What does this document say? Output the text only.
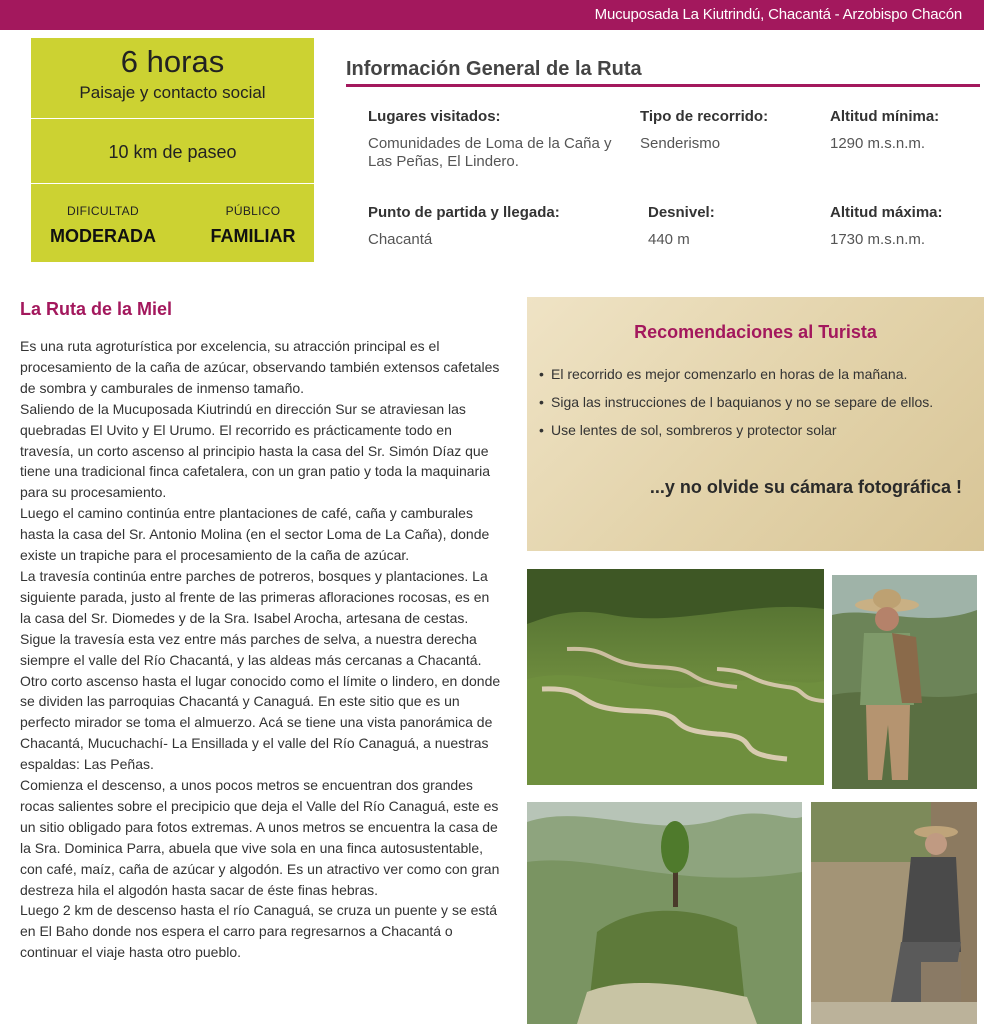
Mucuposada La Kiutrindú, Chacantá - Arzobispo Chacón
6 horas
Paisaje y contacto social
10 km de paseo
DIFICULTAD
MODERADA
PÚBLICO
FAMILIAR
Información General de la Ruta
Lugares visitados:
Comunidades de Loma de la Caña y Las Peñas, El Lindero.
Tipo de recorrido:
Senderismo
Altitud mínima:
1290 m.s.n.m.
Punto de partida y llegada:
Chacantá
Desnivel:
440 m
Altitud máxima:
1730 m.s.n.m.
La Ruta de la Miel

Es una ruta agroturística por excelencia, su atracción principal es el procesamiento de la caña de azúcar, observando también extensos cafetales de sombra y camburales de inmenso tamaño.

Saliendo de la Mucuposada Kiutrindú en dirección Sur se atraviesan las quebradas El Uvito y El Urumo. El recorrido es prácticamente todo en travesía, un corto ascenso al principio hasta la casa del Sr. Simón Díaz que tiene una tradicional finca cafetalera, con un gran patio y toda la maquinaria para su procesamiento.

Luego el camino continúa entre plantaciones de café, caña y camburales hasta la casa del Sr. Antonio Molina (en el sector Loma de La Caña), donde existe un trapiche para el procesamiento de la caña de azúcar.

La travesía continúa entre parches de potreros, bosques y plantaciones. La siguiente parada, justo al frente de las primeras afloraciones rocosas, es en la casa del Sr. Diomedes y de la Sra. Isabel Arocha, artesana de cestas.

Sigue la travesía esta vez entre más parches de selva, a nuestra derecha siempre el valle del Río Chacantá, y las aldeas más cercanas a Chacantá.

Otro corto ascenso hasta el lugar conocido como el límite o lindero, en donde se dividen las parroquias Chacantá y Canaguá. En este sitio que es un perfecto mirador se toma el almuerzo. Acá se tiene una vista panorámica de Chacantá, Mucuchachí- La Ensillada y el valle del Río Canaguá, a nuestras espaldas: Las Peñas.

Comienza el descenso, a unos pocos metros se encuentran dos grandes rocas salientes sobre el precipicio que deja el Valle del Río Canaguá, este es un sitio obligado para fotos extremas. A unos metros se encuentra la casa de la Sra. Dominica Parra, abuela que vive sola en una finca autosustentable, con café, maíz, caña de azúcar y algodón. Es un atractivo ver como con gran destreza hila el algodón hasta sacar de éste finas hebras.

Luego 2 km de descenso hasta el río Canaguá, se cruza un puente y se está en El Baho donde nos espera el carro para regresarnos a Chacantá o continuar el viaje hasta otro pueblo.

Recomendaciones al Turista
• El recorrido es mejor comenzarlo en horas de la mañana.
• Siga las instrucciones de l baquianos y no se separe de ellos.
• Use lentes de sol, sombreros y protector solar
...y no olvide su cámara fotográfica !
